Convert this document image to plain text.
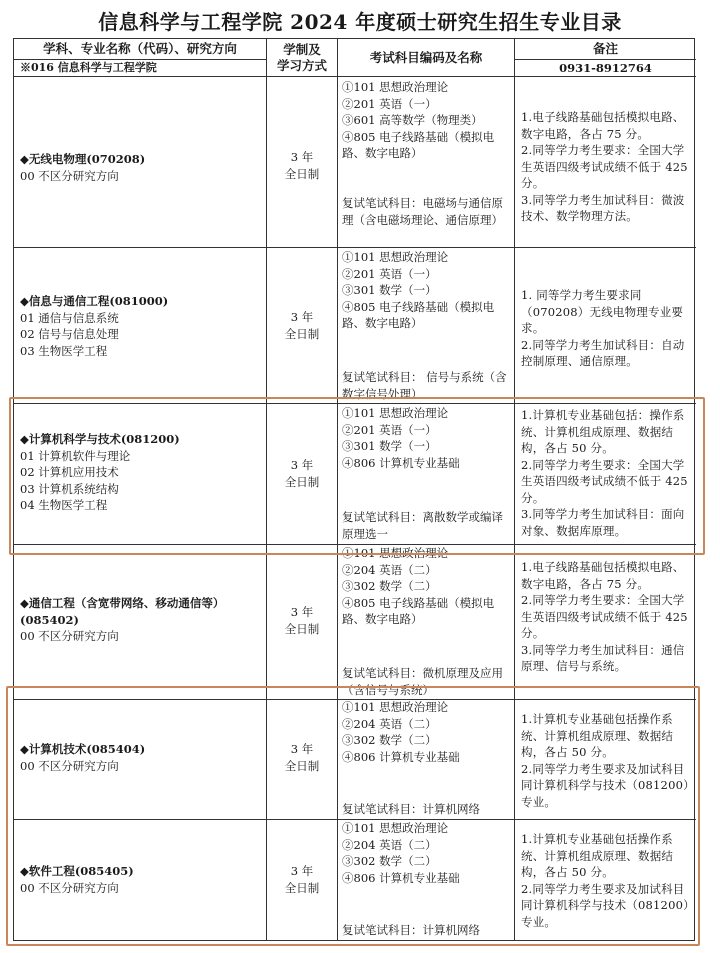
信息科学与工程学院 2024 年度硕士研究生招生专业目录
学科、专业名称（代码）、研究方向	学制及
学习方式
考试科目编码及名称
备注
※016 信息科学与工程学院	0931-8912764
◆无线电物理(070208)
00 不区分研究方向
3 年
全日制
①101 思想政治理论
②201 英语（一）
③601 高等数学（物理类）
④805 电子线路基础（模拟电路、数字电路）
复试笔试科目：电磁场与通信原理（含电磁场理论、通信原理）
1.电子线路基础包括模拟电路、数字电路，各占 75 分。
2.同等学力考生要求：全国大学生英语四级考试成绩不低于 425 分。
3.同等学力考生加试科目：微波技术、数学物理方法。
◆信息与通信工程(081000)
01 通信与信息系统
02 信号与信息处理
03 生物医学工程
3 年
全日制
①101 思想政治理论
②201 英语（一）
③301 数学（一）
④805 电子线路基础（模拟电路、数字电路）
复试笔试科目： 信号与系统（含数字信号处理）
1. 同等学力考生要求同（070208）无线电物理专业要求。
2.同等学力考生加试科目：自动控制原理、通信原理。
◆计算机科学与技术(081200)
01 计算机软件与理论
02 计算机应用技术
03 计算机系统结构
04 生物医学工程
3 年
全日制
①101 思想政治理论
②201 英语（一）
③301 数学（一）
④806 计算机专业基础
复试笔试科目：离散数学或编译原理选一
1.计算机专业基础包括：操作系统、计算机组成原理、数据结构，各占 50 分。
2.同等学力考生要求：全国大学生英语四级考试成绩不低于 425 分。
3.同等学力考生加试科目：面向对象、数据库原理。
◆通信工程（含宽带网络、移动通信等）(085402)
00 不区分研究方向
3 年
全日制
①101 思想政治理论
②204 英语（二）
③302 数学（二）
④805 电子线路基础（模拟电路、数字电路）
复试笔试科目：微机原理及应用（含信号与系统）
1.电子线路基础包括模拟电路、数字电路，各占 75 分。
2.同等学力考生要求：全国大学生英语四级考试成绩不低于 425 分。
3.同等学力考生加试科目：通信原理、信号与系统。
◆计算机技术(085404)
00 不区分研究方向
3 年
全日制
①101 思想政治理论
②204 英语（二）
③302 数学（二）
④806 计算机专业基础
复试笔试科目：计算机网络
1.计算机专业基础包括操作系统、计算机组成原理、数据结构，各占 50 分。
2.同等学力考生要求及加试科目同计算机科学与技术（081200）专业。
◆软件工程(085405)
00 不区分研究方向
3 年
全日制
①101 思想政治理论
②204 英语（二）
③302 数学（二）
④806 计算机专业基础
复试笔试科目：计算机网络
1.计算机专业基础包括操作系统、计算机组成原理、数据结构，各占 50 分。
2.同等学力考生要求及加试科目同计算机科学与技术（081200）专业。
